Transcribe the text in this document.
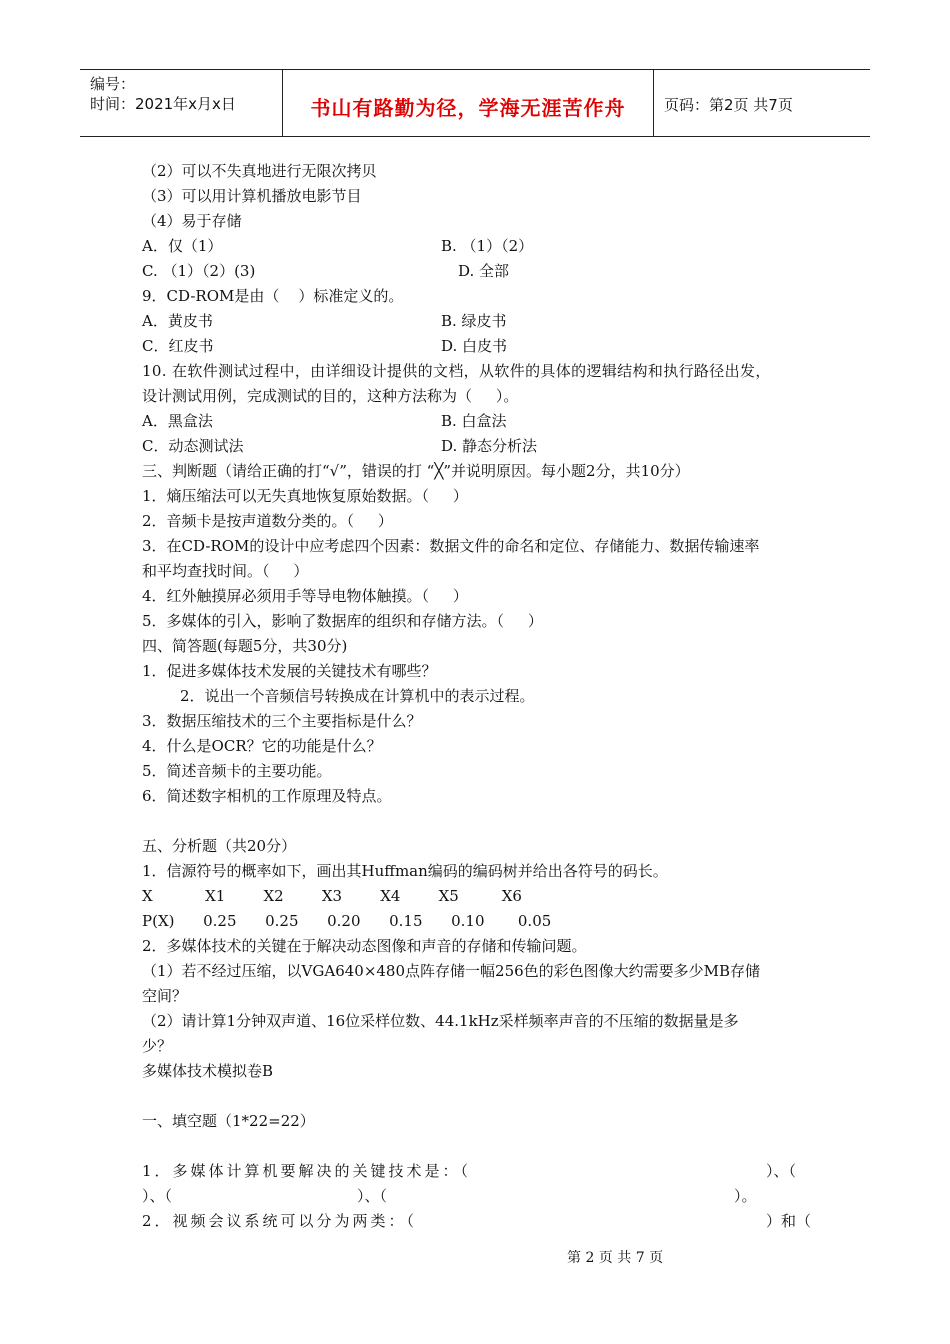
编号：
时间：2021年x月x日	书山有路勤为径，学海无涯苦作舟	页码：第2页 共7页
（2）可以不失真地进行无限次拷贝
（3）可以用计算机播放电影节目
（4）易于存储
A．仅（1）	B. （1）（2）
C. （1）（2）(3)	D. 全部
9．CD-ROM是由（    ）标准定义的。
A．黄皮书	B. 绿皮书
C．红皮书	D. 白皮书
10. 在软件测试过程中，由详细设计提供的文档，从软件的具体的逻辑结构和执行路径出发，
设计测试用例，完成测试的目的，这种方法称为（     ）。
A．黑盒法	B. 白盒法
C．动态测试法	D. 静态分析法
三、判断题（请给正确的打“√”，错误的打 “╳”并说明原因。每小题2分，共10分）
1．熵压缩法可以无失真地恢复原始数据。（     ）
2．音频卡是按声道数分类的。（     ）
3．在CD-ROM的设计中应考虑四个因素：数据文件的命名和定位、存储能力、数据传输速率
和平均查找时间。（     ）
4．红外触摸屏必须用手等导电物体触摸。（     ）
5．多媒体的引入，影响了数据库的组织和存储方法。（     ）
四、简答题(每题5分，共30分)
1．促进多媒体技术发展的关键技术有哪些？
2．说出一个音频信号转换成在计算机中的表示过程。
3．数据压缩技术的三个主要指标是什么？
4．什么是OCR？它的功能是什么？
5．简述音频卡的主要功能。
6．简述数字相机的工作原理及特点。
五、分析题（共20分）
1．信源符号的概率如下，画出其Huffman编码的编码树并给出各符号的码长。
X           X1        X2        X3        X4        X5         X6
P(X)      0.25      0.25      0.20      0.15      0.10       0.05
2．多媒体技术的关键在于解决动态图像和声音的存储和传输问题。
（1）若不经过压缩，以VGA640×480点阵存储一幅256色的彩色图像大约需要多少MB存储
空间？
（2）请计算1分钟双声道、16位采样位数、44.1kHz采样频率声音的不压缩的数据量是多
少？
多媒体技术模拟卷B
一、填空题（1*22=22）
1．多媒体计算机要解决的关键技术是：（	）、（
）、（	）、（	）。
2．视频会议系统可以分为两类：（	）和（
第 2 页 共 7 页
